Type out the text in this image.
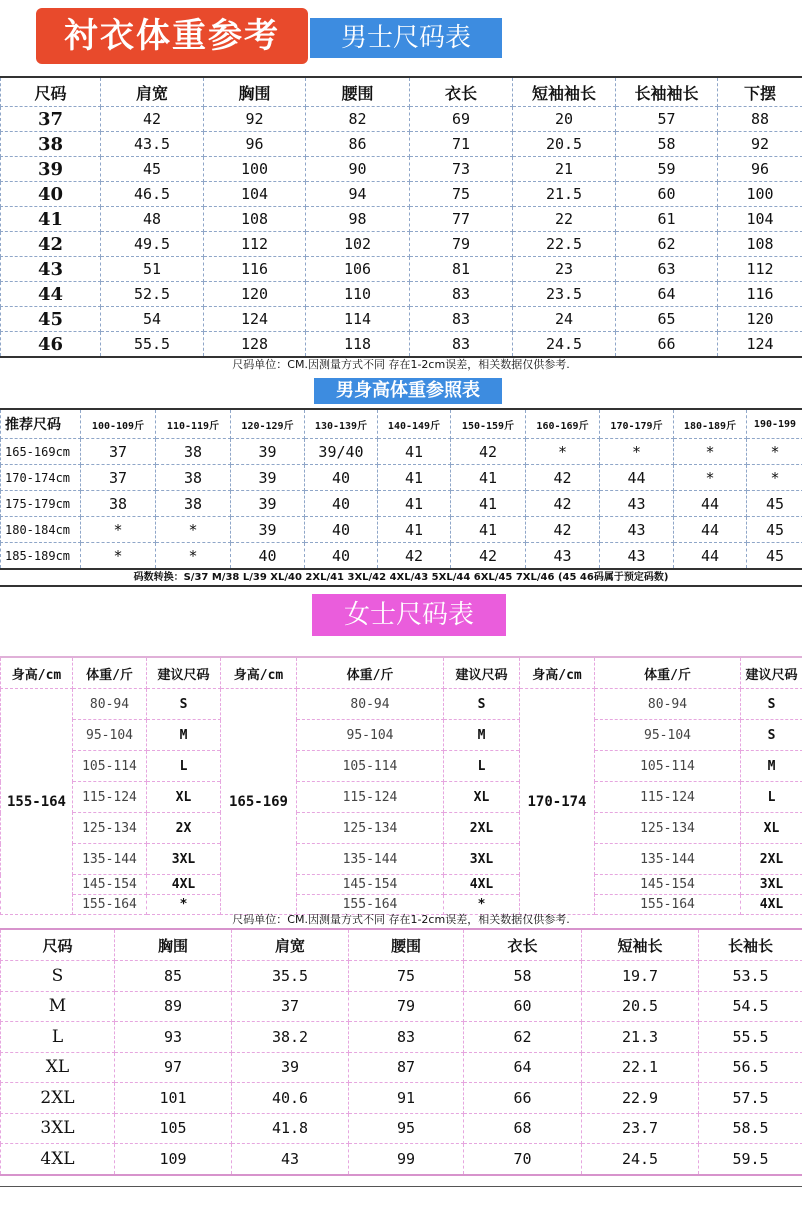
衬衣体重参考	男士尺码表
尺码	肩宽	胸围	腰围	衣长	短袖袖长	长袖袖长	下摆
37	42	92	82	69	20	57	88
38	43.5	96	86	71	20.5	58	92
39	45	100	90	73	21	59	96
40	46.5	104	94	75	21.5	60	100
41	48	108	98	77	22	61	104
42	49.5	112	102	79	22.5	62	108
43	51	116	106	81	23	63	112
44	52.5	120	110	83	23.5	64	116
45	54	124	114	83	24	65	120
46	55.5	128	118	83	24.5	66	124
尺码单位：CM.因测量方式不同 存在1-2cm误差，相关数据仅供参考.
男身高体重参照表
推荐尺码	100-109斤	110-119斤	120-129斤	130-139斤	140-149斤	150-159斤	160-169斤	170-179斤	180-189斤	190-199
165-169cm	37	38	39	39/40	41	42	*	*	*	*
170-174cm	37	38	39	40	41	41	42	44	*	*
175-179cm	38	38	39	40	41	41	42	43	44	45
180-184cm	*	*	39	40	41	41	42	43	44	45
185-189cm	*	*	40	40	42	42	43	43	44	45
码数转换：S/37 M/38 L/39 XL/40 2XL/41 3XL/42 4XL/43 5XL/44 6XL/45 7XL/46 (45 46码属于预定码数)
女士尺码表
身高/cm	体重/斤	建议尺码	身高/cm	体重/斤	建议尺码	身高/cm	体重/斤	建议尺码
155-164	80-94	S	165-169	80-94	S	170-174	80-94	S
	95-104	M		95-104	M		95-104	S
	105-114	L		105-114	L		105-114	M
	115-124	XL		115-124	XL		115-124	L
	125-134	2X		125-134	2XL		125-134	XL
	135-144	3XL		135-144	3XL		135-144	2XL
	145-154	4XL		145-154	4XL		145-154	3XL
	155-164	*		155-164	*		155-164	4XL
尺码单位：CM.因测量方式不同 存在1-2cm误差，相关数据仅供参考.
尺码	胸围	肩宽	腰围	衣长	短袖长	长袖长
S	85	35.5	75	58	19.7	53.5
M	89	37	79	60	20.5	54.5
L	93	38.2	83	62	21.3	55.5
XL	97	39	87	64	22.1	56.5
2XL	101	40.6	91	66	22.9	57.5
3XL	105	41.8	95	68	23.7	58.5
4XL	109	43	99	70	24.5	59.5
